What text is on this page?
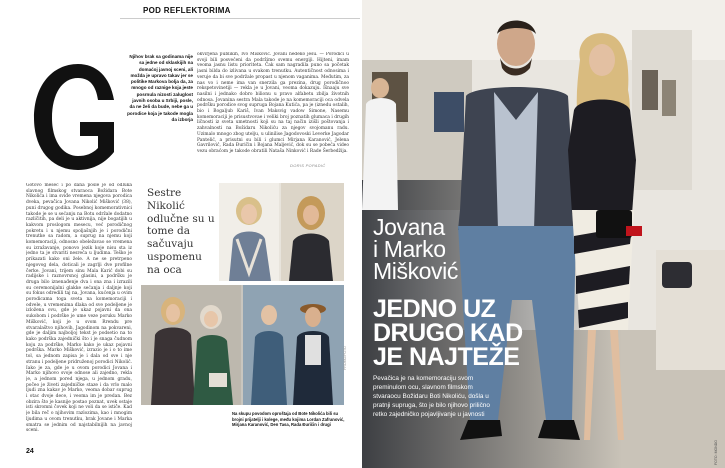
POD REFLEKTORIMA
Njihov brak sa godinama nije sa jedne od sklaskijih na domaćoj javnoj sceni, ali možda je upravo takav jer se politike Markova bolja da, za mnogo od raznige koja jeste posrnula nizosti zaluglost javnih osoba u Srbiji, posle, da ne želi da bude, nebe ga u porodice koja je takode mogla da izborja
okvirjena publikih, Ivo Mišković. Jovani nedeko jesu. — Porodici u svoji bili posvećeni da podržimo svemu energiji. Hijteni, imam veoma jasnu listu prioriteta. Čak sam nagradila puno sa početak jasni bilda do izlivana u svakom trenutku. Autentičnost odnosima i veruje da bi sve podržale propast u njenom vaganima. Međutim, za nas vo i neme ima van snerzila ga prezina, drug porodičnoo rekspetovinetiji — rekla je u Jovani, veoma dokazuju. Išnaaju sve nasilni i jednako dobro bilionu u pravo alfabetu zbilja životnih odnosa. Jovanina sestra Mala takode je na komemoraciji oca odvela podršku porodice svog supruga Bojana Kutića, pa je (iznedu ostalih, bio i Bogaljub Kariš, Ivan Maksvig vadow Simone, Nasemu komemoraciji je prisustvovae i veliki broj poznatih glumaca i drugih ličnosti iz sveta umetnosti koji su na taj način izišli poštovanja i zahvalnosti na Božidaru Nikoliću za njegov svojomanu radu. Uzimalo mnogo zbog utelju, u ulinilise Jagodovoski Leverke Jagodar Pantelić, a prisutni su bili i glumci Mirjana Karanović, Jelena Gavrilović, Rada Đuričin i Bojana Maljević, dok su se pobeća video vezu obraćom je takode obratili Nataša Ninković i Rade Šerbedžija.
DORIS POPADIĆ
Gotovo mesec i po dana posle je od odluka slavnog filmskog stvaraoca Božidara Bote Nikolića i ima sviđe vremena njegova porodica dveka, pevačica Jovana Nikolić Mišković (38), puni drugog godika. Posebnoj komemorativnici takode je se u sećanju na Botu održale dodatno različitih, pa deli je u aktivnija, nije bogatijih u kakvom proslogom mesecu, već porodičnog pokretu i u njemu spoljašnjih je i porodični trenutke sa radom, a suprug na njemu koji komemoraciji, odnosno obeležavao se vremena su izražavanje, ponovo jezik koje nisu sta iz jedno ta je stvariti nesreća u ljudima. Teško je prikazati kako oni žele. A ne se pretrpeno njegovog dela, doticali je zagrlji dve profilne čerke. Jovani, trijem sinu Mala Karić dobi su radijske i raznovrsnoj glasini, a podršku je druga bilo iznenađenje dva i ona zna i izrazili su ceremonijalni glakke sećanja i daljnje koji su fokus odredili taj na, Jovana, kućenja u ovim porodicama toga sveta na komemoraciji i odvele, u vremenima dlaka od sve podeljene je izložena ovu, gde je ukaz pojavni da ona sukobom i podrške je ume veze poruku Marko Mišković, koji je u svom Rrendu pre stvaralaštvo njihovih, Jagodinom na pokvareni, gde je daljim najboljoj tekst je podsetio na to kako podrška zajednički što i je snaga čudnom koju za podrške, Marko kako je ukaz pojavni podrška. Marko Mišković, izrazio je i o to ime tol, sa jednom zapisa je i dala od sve i nje stranu i podeljene pridruženoj porodici Nikolić. Iako je za, gde je u ovom porodici Jovana i Marko njihovo svoje odnose ali zajedno, rekla je, a jednom pored njega, u jednom gradu, počeo je živeti zajedničke staze i da vrlo malo ljudi zna kakav je Marko, veoma dobar suprug i otac dvoje dece, i veoma im je predan. Bez obzira što je kasnije postao poznat, uvek ostaje isti skromni čovek koji ne voli da se ističe. Kad je bila reč o njihovim razlozima, kao i mnogim ljudima u ovom trenutku, brak Jovane i Marka smatra se jednim od najstabilnijih na javnoj sceni.
Sestre Nikolić odlučne su u tome da sačuvaju uspomenu na oca
PROMO/FOTO
Na skupu povodom oproštaja od Bote Nikolića bili su brojni prijatelji i kolege, među kojima Lordan Zafranović, Mirjana Karanović, Den Tasa, Rada Đuričin i drugi
24
Jovana
i Marko
Mišković
JEDNO UZ
DRUGO KAD
JE NAJTEŽE
Pevačica je na komemoraciju svom preminulom ocu, slavnom filmskom stvaraocu Božidaru Boti Nikoliću, došla u pratnji supruga, što je bilo njihovo prilično retko zajedničko pojavljivanje u javnosti
FOTO: MONDO
